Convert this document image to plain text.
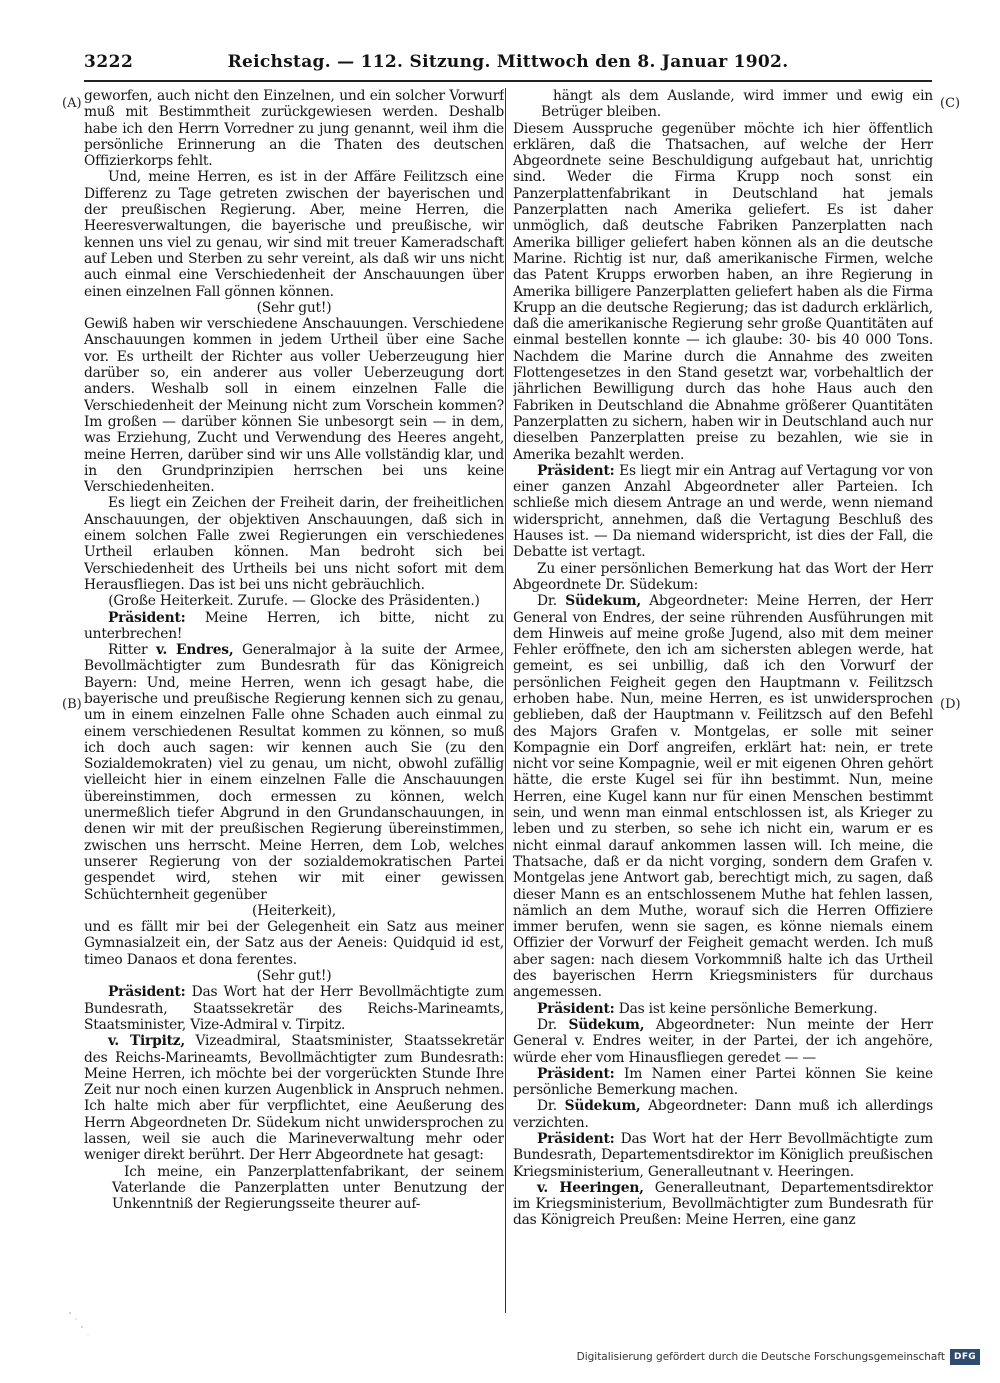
3222	Reichstag. — 112. Sitzung. Mittwoch den 8. Januar 1902.
(A)
(B)
(C)
(D)

geworfen, auch nicht den Einzelnen, und ein solcher Vorwurf muß mit Bestimmtheit zurückgewiesen werden. Deshalb habe ich den Herrn Vorredner zu jung genannt, weil ihm die persönliche Erinnerung an die Thaten des deutschen Offizierkorps fehlt.

Und, meine Herren, es ist in der Affäre Feilitzsch eine Differenz zu Tage getreten zwischen der bayerischen und der preußischen Regierung. Aber, meine Herren, die Heeresverwaltungen, die bayerische und preußische, wir kennen uns viel zu genau, wir sind mit treuer Kameradschaft auf Leben und Sterben zu sehr vereint, als daß wir uns nicht auch einmal eine Verschiedenheit der Anschauungen über einen einzelnen Fall gönnen können.

(Sehr gut!)

Gewiß haben wir verschiedene Anschauungen. Verschiedene Anschauungen kommen in jedem Urtheil über eine Sache vor. Es urtheilt der Richter aus voller Ueberzeugung hier darüber so, ein anderer aus voller Ueberzeugung dort anders. Weshalb soll in einem einzelnen Falle die Verschiedenheit der Meinung nicht zum Vorschein kommen? Im großen — darüber können Sie unbesorgt sein — in dem, was Erziehung, Zucht und Verwendung des Heeres angeht, meine Herren, darüber sind wir uns Alle vollständig klar, und in den Grundprinzipien herrschen bei uns keine Verschiedenheiten.

Es liegt ein Zeichen der Freiheit darin, der freiheitlichen Anschauungen, der objektiven Anschauungen, daß sich in einem solchen Falle zwei Regierungen ein verschiedenes Urtheil erlauben können. Man bedroht sich bei Verschiedenheit des Urtheils bei uns nicht sofort mit dem Herausfliegen. Das ist bei uns nicht gebräuchlich.

(Große Heiterkeit. Zurufe. — Glocke des Präsidenten.)

Präsident: Meine Herren, ich bitte, nicht zu unterbrechen!

Ritter v. Endres, Generalmajor à la suite der Armee, Bevollmächtigter zum Bundesrath für das Königreich Bayern: Und, meine Herren, wenn ich gesagt habe, die bayerische und preußische Regierung kennen sich zu genau, um in einem einzelnen Falle ohne Schaden auch einmal zu einem verschiedenen Resultat kommen zu können, so muß ich doch auch sagen: wir kennen auch Sie (zu den Sozialdemokraten) viel zu genau, um nicht, obwohl zufällig vielleicht hier in einem einzelnen Falle die Anschauungen übereinstimmen, doch ermessen zu können, welch unermeßlich tiefer Abgrund in den Grundanschauungen, in denen wir mit der preußischen Regierung übereinstimmen, zwischen uns herrscht. Meine Herren, dem Lob, welches unserer Regierung von der sozialdemokratischen Partei gespendet wird, stehen wir mit einer gewissen Schüchternheit gegenüber

(Heiterkeit),

und es fällt mir bei der Gelegenheit ein Satz aus meiner Gymnasialzeit ein, der Satz aus der Aeneis: Quidquid id est, timeo Danaos et dona ferentes.

(Sehr gut!)

Präsident: Das Wort hat der Herr Bevollmächtigte zum Bundesrath, Staatssekretär des Reichs-Marineamts, Staatsminister, Vize-Admiral v. Tirpitz.

v. Tirpitz, Vizeadmiral, Staatsminister, Staatssekretär des Reichs-Marineamts, Bevollmächtigter zum Bundesrath: Meine Herren, ich möchte bei der vorgerückten Stunde Ihre Zeit nur noch einen kurzen Augenblick in Anspruch nehmen. Ich halte mich aber für verpflichtet, eine Aeußerung des Herrn Abgeordneten Dr. Südekum nicht unwidersprochen zu lassen, weil sie auch die Marineverwaltung mehr oder weniger direkt berührt. Der Herr Abgeordnete hat gesagt:

Ich meine, ein Panzerplattenfabrikant, der seinem Vaterlande die Panzerplatten unter Benutzung der Unkenntniß der Regierungsseite theurer auf-

hängt als dem Auslande, wird immer und ewig ein Betrüger bleiben.

Diesem Ausspruche gegenüber möchte ich hier öffentlich erklären, daß die Thatsachen, auf welche der Herr Abgeordnete seine Beschuldigung aufgebaut hat, unrichtig sind. Weder die Firma Krupp noch sonst ein Panzerplattenfabrikant in Deutschland hat jemals Panzerplatten nach Amerika geliefert. Es ist daher unmöglich, daß deutsche Fabriken Panzerplatten nach Amerika billiger geliefert haben können als an die deutsche Marine. Richtig ist nur, daß amerikanische Firmen, welche das Patent Krupps erworben haben, an ihre Regierung in Amerika billigere Panzerplatten geliefert haben als die Firma Krupp an die deutsche Regierung; das ist dadurch erklärlich, daß die amerikanische Regierung sehr große Quantitäten auf einmal bestellen konnte — ich glaube: 30- bis 40 000 Tons. Nachdem die Marine durch die Annahme des zweiten Flottengesetzes in den Stand gesetzt war, vorbehaltlich der jährlichen Bewilligung durch das hohe Haus auch den Fabriken in Deutschland die Abnahme größerer Quantitäten Panzerplatten zu sichern, haben wir in Deutschland auch nur dieselben Panzerplatten preise zu bezahlen, wie sie in Amerika bezahlt werden.

Präsident: Es liegt mir ein Antrag auf Vertagung vor von einer ganzen Anzahl Abgeordneter aller Parteien. Ich schließe mich diesem Antrage an und werde, wenn niemand widerspricht, annehmen, daß die Vertagung Beschluß des Hauses ist. — Da niemand widerspricht, ist dies der Fall, die Debatte ist vertagt.

Zu einer persönlichen Bemerkung hat das Wort der Herr Abgeordnete Dr. Südekum:

Dr. Südekum, Abgeordneter: Meine Herren, der Herr General von Endres, der seine rührenden Ausführungen mit dem Hinweis auf meine große Jugend, also mit dem meiner Fehler eröffnete, den ich am sichersten ablegen werde, hat gemeint, es sei unbillig, daß ich den Vorwurf der persönlichen Feigheit gegen den Hauptmann v. Feilitzsch erhoben habe. Nun, meine Herren, es ist unwidersprochen geblieben, daß der Hauptmann v. Feilitzsch auf den Befehl des Majors Grafen v. Montgelas, er solle mit seiner Kompagnie ein Dorf angreifen, erklärt hat: nein, er trete nicht vor seine Kompagnie, weil er mit eigenen Ohren gehört hätte, die erste Kugel sei für ihn bestimmt. Nun, meine Herren, eine Kugel kann nur für einen Menschen bestimmt sein, und wenn man einmal entschlossen ist, als Krieger zu leben und zu sterben, so sehe ich nicht ein, warum er es nicht einmal darauf ankommen lassen will. Ich meine, die Thatsache, daß er da nicht vorging, sondern dem Grafen v. Montgelas jene Antwort gab, berechtigt mich, zu sagen, daß dieser Mann es an entschlossenem Muthe hat fehlen lassen, nämlich an dem Muthe, worauf sich die Herren Offiziere immer berufen, wenn sie sagen, es könne niemals einem Offizier der Vorwurf der Feigheit gemacht werden. Ich muß aber sagen: nach diesem Vorkommniß halte ich das Urtheil des bayerischen Herrn Kriegsministers für durchaus angemessen.

Präsident: Das ist keine persönliche Bemerkung.

Dr. Südekum, Abgeordneter: Nun meinte der Herr General v. Endres weiter, in der Partei, der ich angehöre, würde eher vom Hinausfliegen geredet — —

Präsident: Im Namen einer Partei können Sie keine persönliche Bemerkung machen.

Dr. Südekum, Abgeordneter: Dann muß ich allerdings verzichten.

Präsident: Das Wort hat der Herr Bevollmächtigte zum Bundesrath, Departementsdirektor im Königlich preußischen Kriegsministerium, Generalleutnant v. Heeringen.

v. Heeringen, Generalleutnant, Departementsdirektor im Kriegsministerium, Bevollmächtigter zum Bundesrath für das Königreich Preußen: Meine Herren, eine ganz

Digitalisierung gefördert durch die Deutsche Forschungsgemeinschaft	DFG
